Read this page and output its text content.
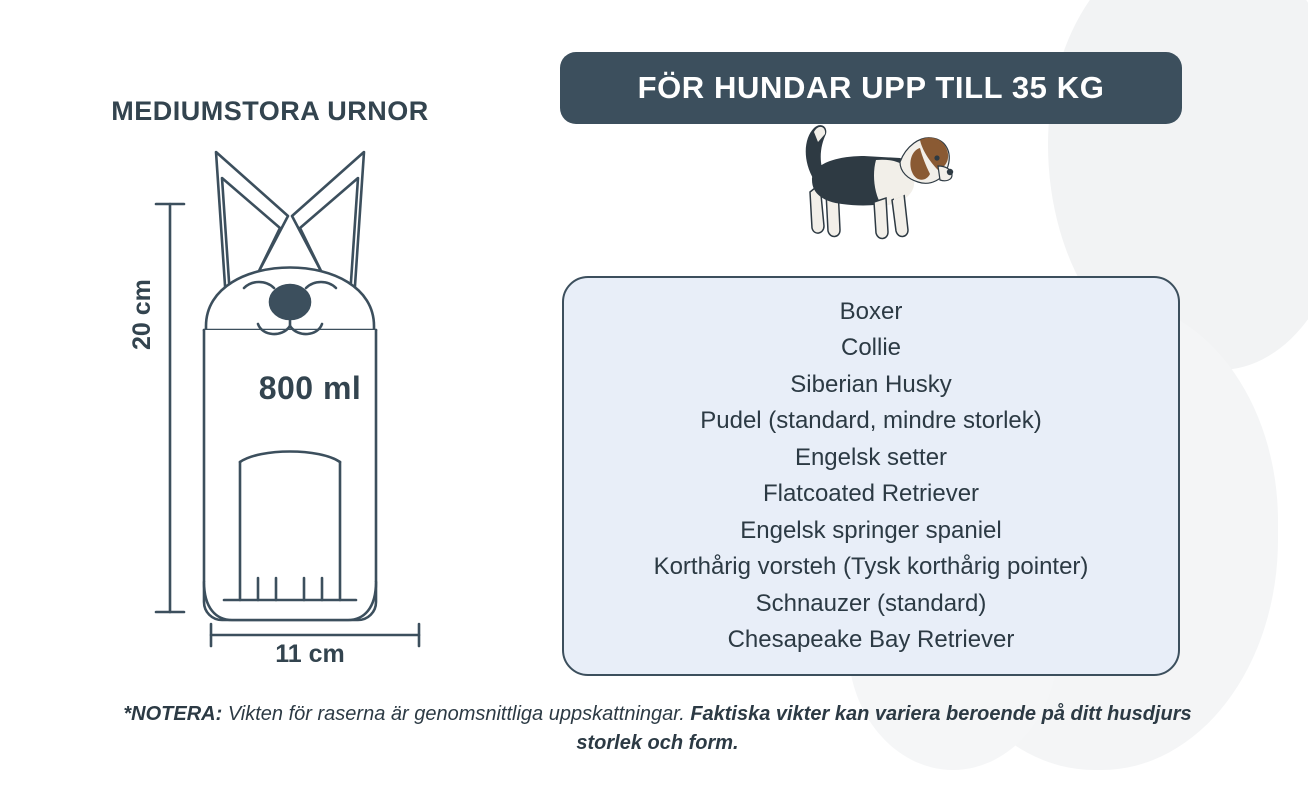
MEDIUMSTORA URNOR
20 cm
800 ml
11 cm
FÖR HUNDAR UPP TILL 35 KG
Boxer
Collie
Siberian Husky
Pudel (standard, mindre storlek)
Engelsk setter
Flatcoated Retriever
Engelsk springer spaniel
Korthårig vorsteh (Tysk korthårig pointer)
Schnauzer (standard)
Chesapeake Bay Retriever
*NOTERA: Vikten för raserna är genomsnittliga uppskattningar. Faktiska vikter kan variera beroende på ditt husdjurs storlek och form.
